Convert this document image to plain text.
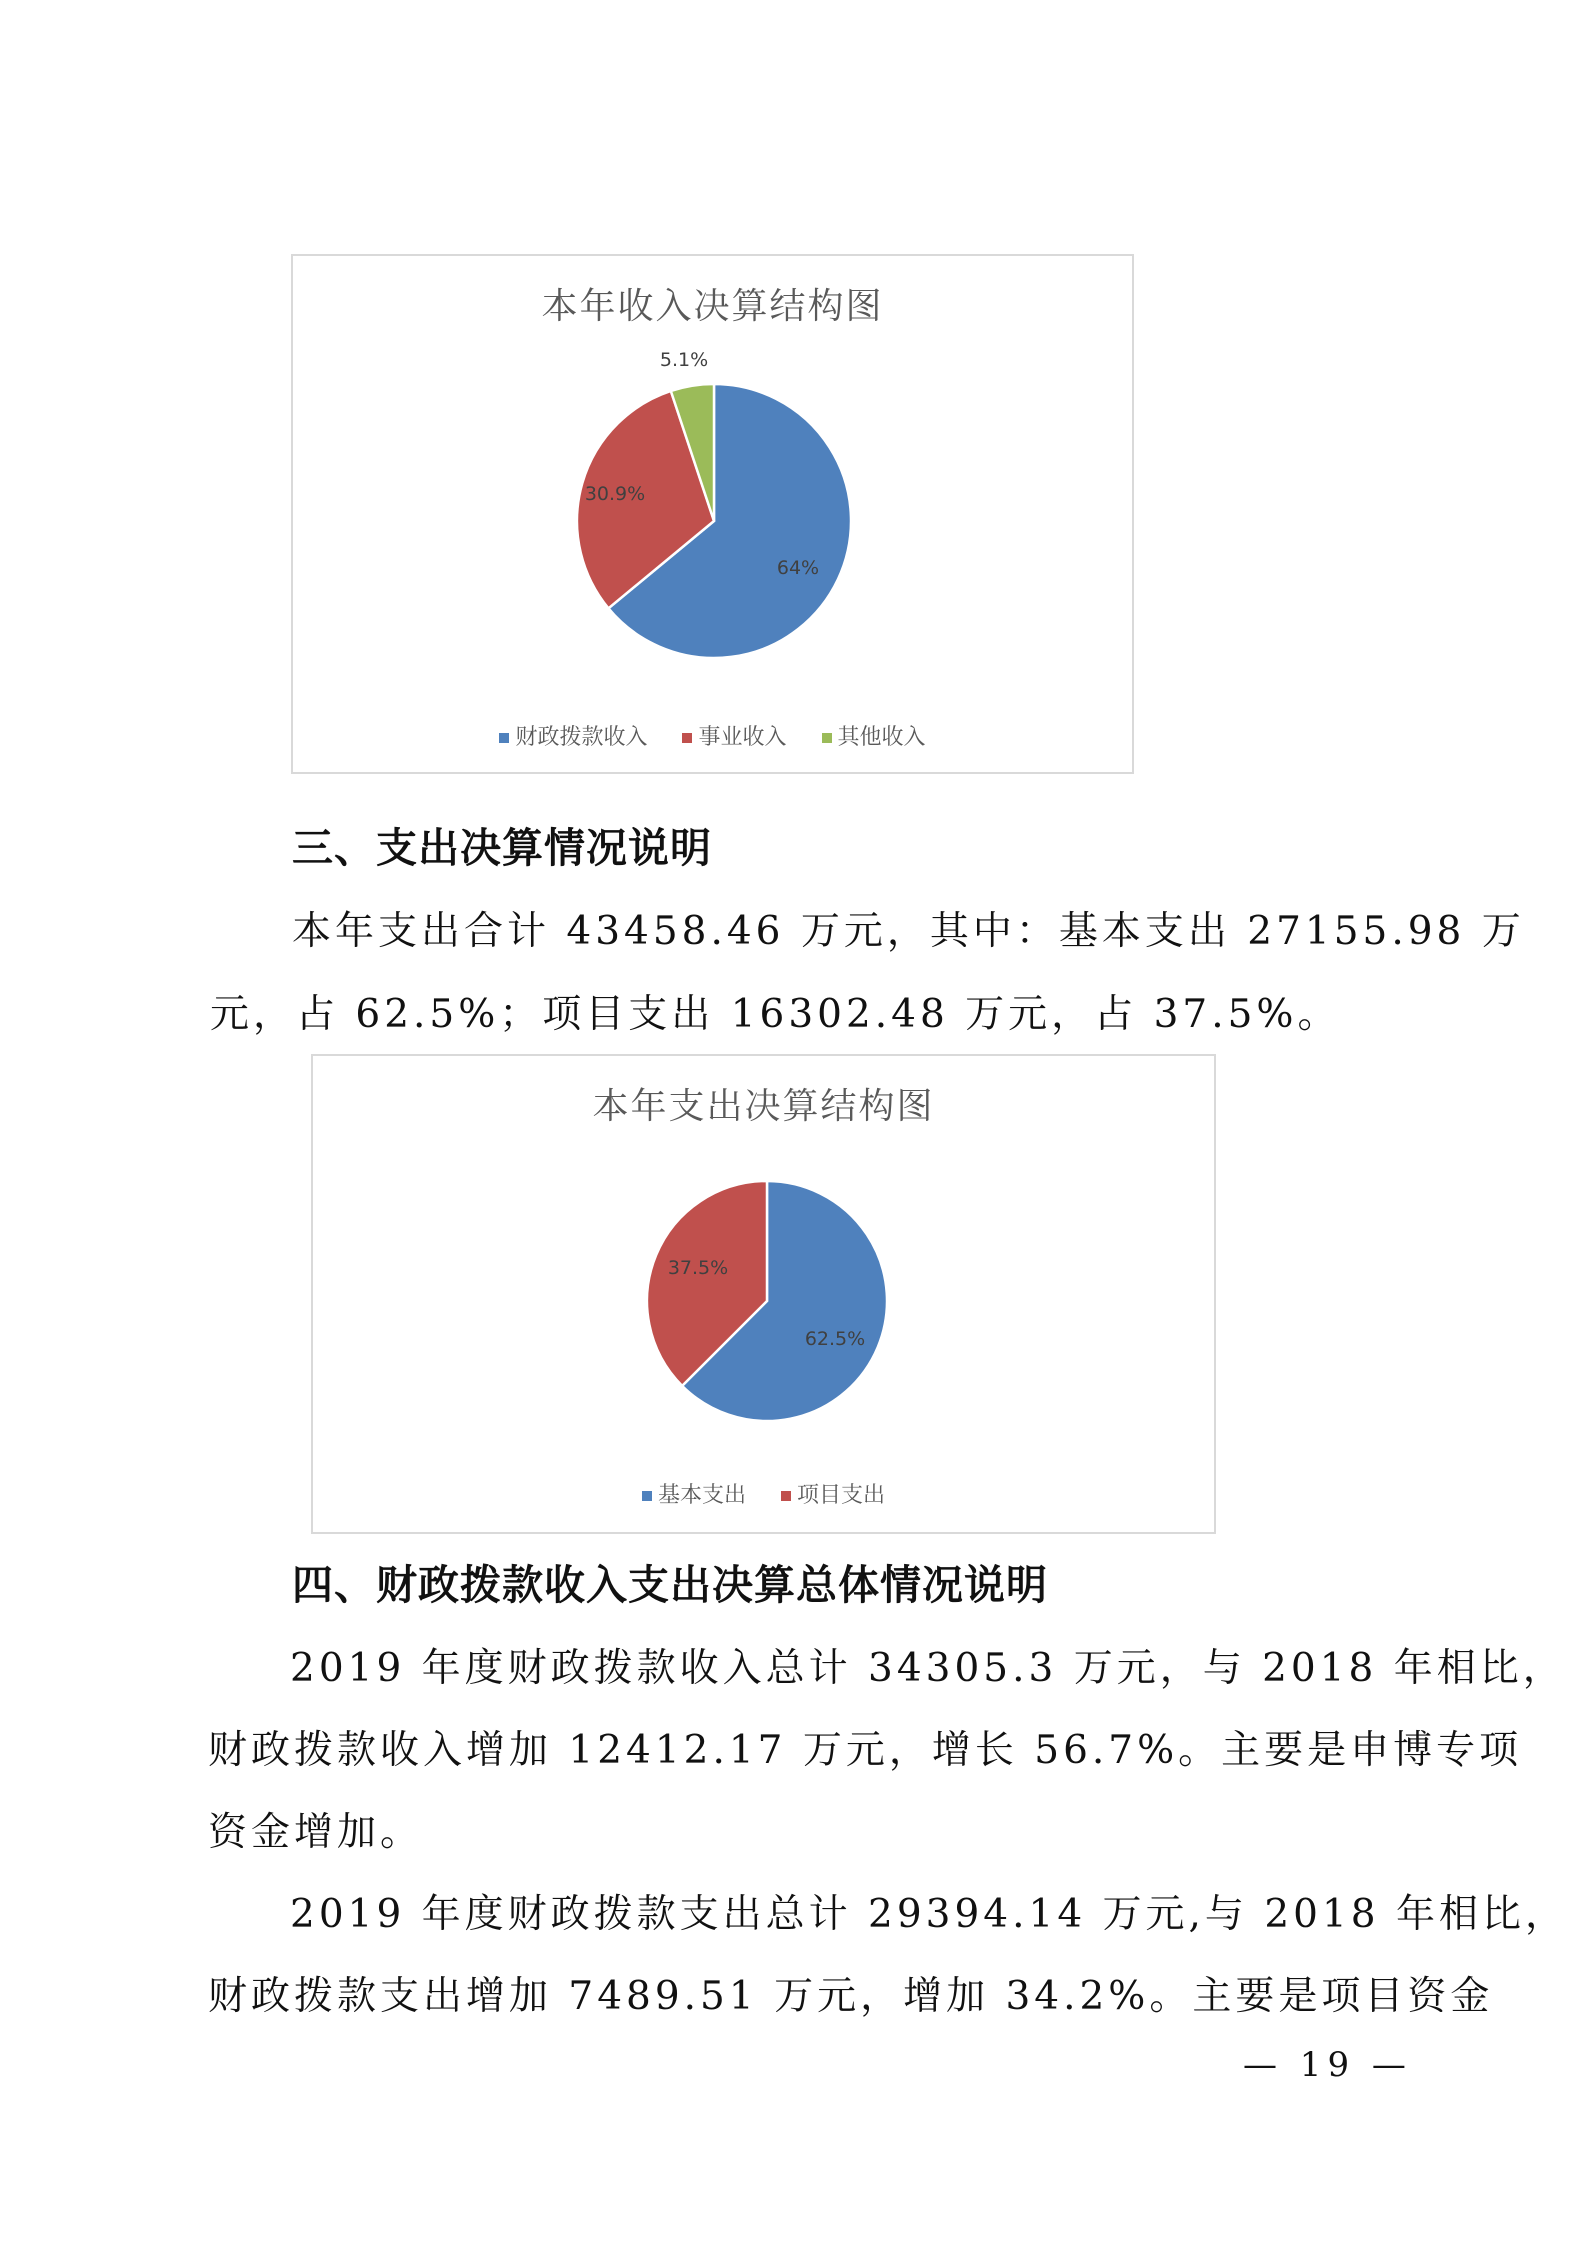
本年收入决算结构图
64%
30.9%
5.1%
财政拨款收入 事业收入 其他收入
三、支出决算情况说明
本年支出合计 43458.46 万元，其中：基本支出 27155.98 万
元，占 62.5%；项目支出 16302.48 万元，占 37.5%。
本年支出决算结构图
62.5%
37.5%
基本支出 项目支出
四、财政拨款收入支出决算总体情况说明
2019 年度财政拨款收入总计 34305.3 万元，与 2018 年相比，
财政拨款收入增加 12412.17 万元，增长 56.7%。主要是申博专项
资金增加。
2019 年度财政拨款支出总计 29394.14 万元,与 2018 年相比，
财政拨款支出增加 7489.51 万元，增加 34.2%。主要是项目资金
— 19 —
